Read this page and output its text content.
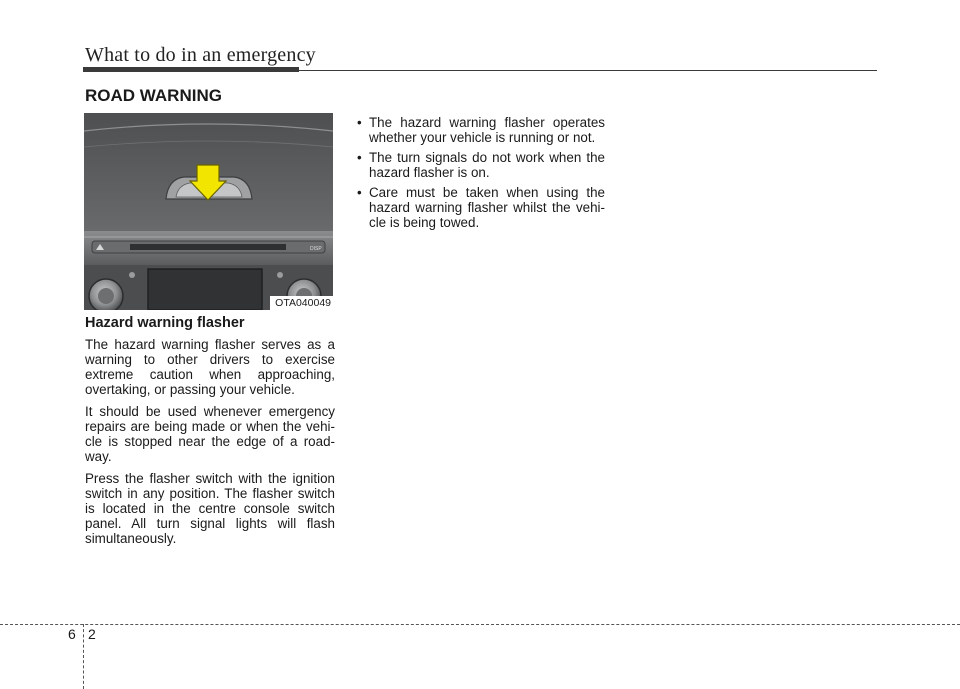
What to do in an emergency
ROAD WARNING
DISP
OTA040049
Hazard warning flasher

The hazard warning flasher serves as a warning to other drivers to exercise extreme caution when approaching, overtaking, or passing your vehicle.

It should be used whenever emergency repairs are being made or when the vehi-cle is stopped near the edge of a road-way.

Press the flasher switch with the ignition switch in any position. The flasher switch is located in the centre console switch panel. All turn signal lights will flash simultaneously.

• The hazard warning flasher operates whether your vehicle is running or not.
• The turn signals do not work when the hazard flasher is on.
• Care must be taken when using the hazard warning flasher whilst the vehi-cle is being towed.
6 2
